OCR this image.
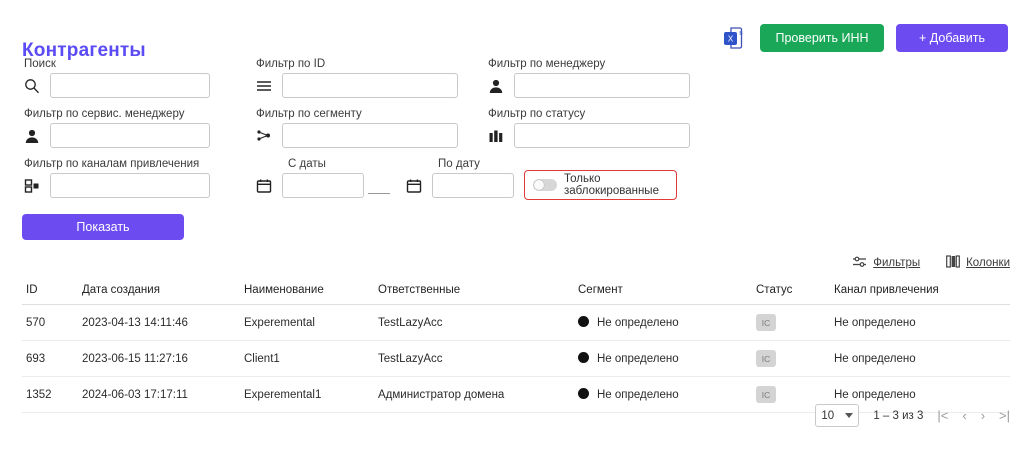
Контрагенты
X
B	Проверить ИНН	+ Добавить
Поиск	Фильтр по ID	Фильтр по менеджеру
Фильтр по сервис. менеджеру	Фильтр по сегменту	Фильтр по статусу
Фильтр по каналам привлечения	С даты	По дату
Только заблокированные
Показать
Фильтры	Колонки
ID	Дата создания	Наименование	Ответственные	Сегмент	Статус	Канал привлечения
570	2023-04-13 14:11:46	Experemental	TestLazyAcc	Не определено	IC	Не определено
693	2023-06-15 11:27:16	Client1	TestLazyAcc	Не определено	IC	Не определено
1352	2024-06-03 17:17:11	Experemental1	Администратор домена	Не определено	IC	Не определено
10	1 – 3 из 3 |< ‹ › >|
